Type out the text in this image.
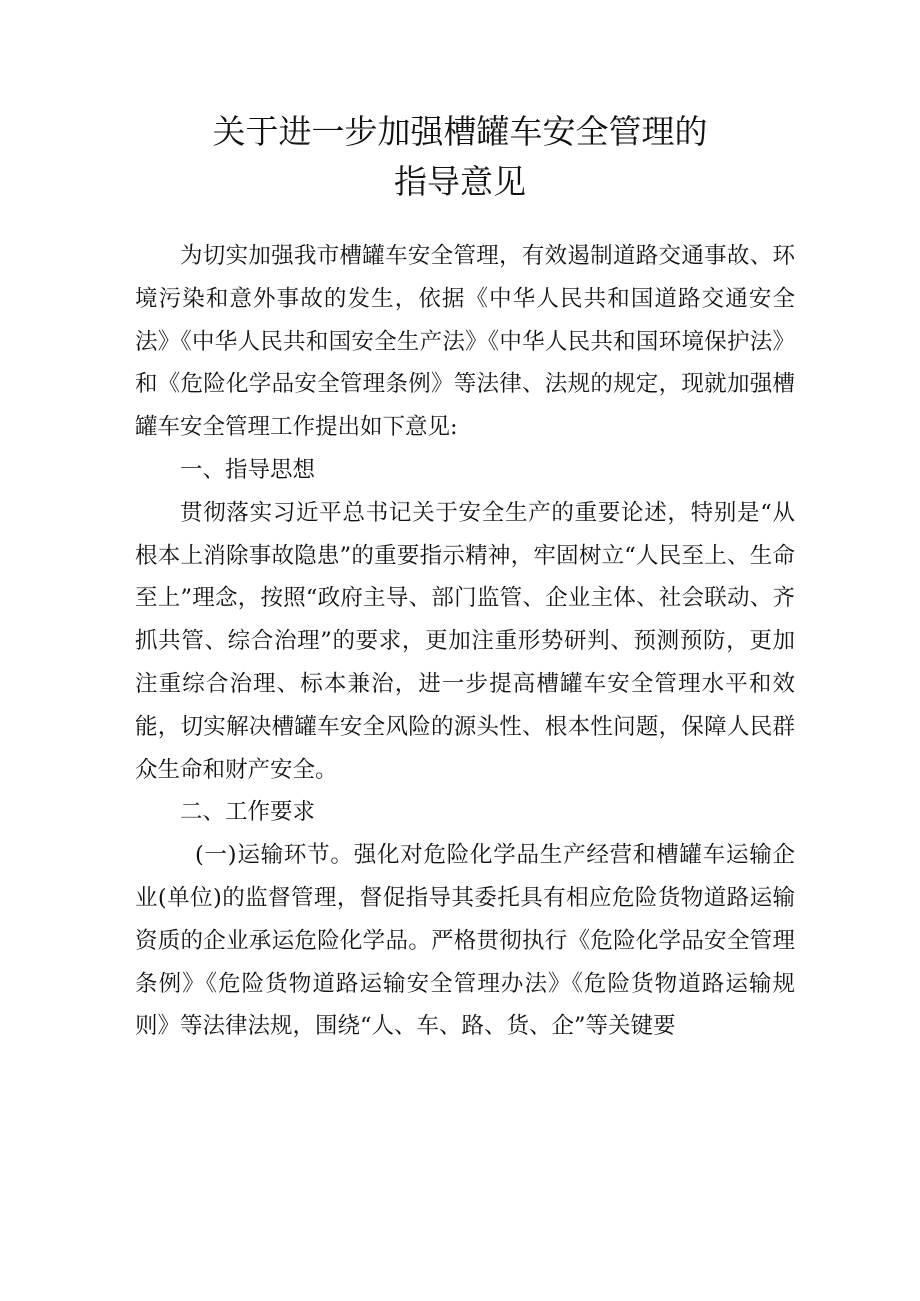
关于进一步加强槽罐车安全管理的
指导意见

为切实加强我市槽罐车安全管理，有效遏制道路交通事故、环境污染和意外事故的发生，依据《中华人民共和国道路交通安全法》《中华人民共和国安全生产法》《中华人民共和国环境保护法》和《危险化学品安全管理条例》等法律、法规的规定，现就加强槽罐车安全管理工作提出如下意见:

一、指导思想

贯彻落实习近平总书记关于安全生产的重要论述，特别是“从根本上消除事故隐患”的重要指示精神，牢固树立“人民至上、生命至上”理念，按照“政府主导、部门监管、企业主体、社会联动、齐抓共管、综合治理”的要求，更加注重形势研判、预测预防，更加注重综合治理、标本兼治，进一步提高槽罐车安全管理水平和效能，切实解决槽罐车安全风险的源头性、根本性问题，保障人民群众生命和财产安全。

二、工作要求

(一)运输环节。强化对危险化学品生产经营和槽罐车运输企业(单位)的监督管理，督促指导其委托具有相应危险货物道路运输资质的企业承运危险化学品。严格贯彻执行《危险化学品安全管理条例》《危险货物道路运输安全管理办法》《危险货物道路运输规则》等法律法规，围绕“人、车、路、货、企”等关键要
